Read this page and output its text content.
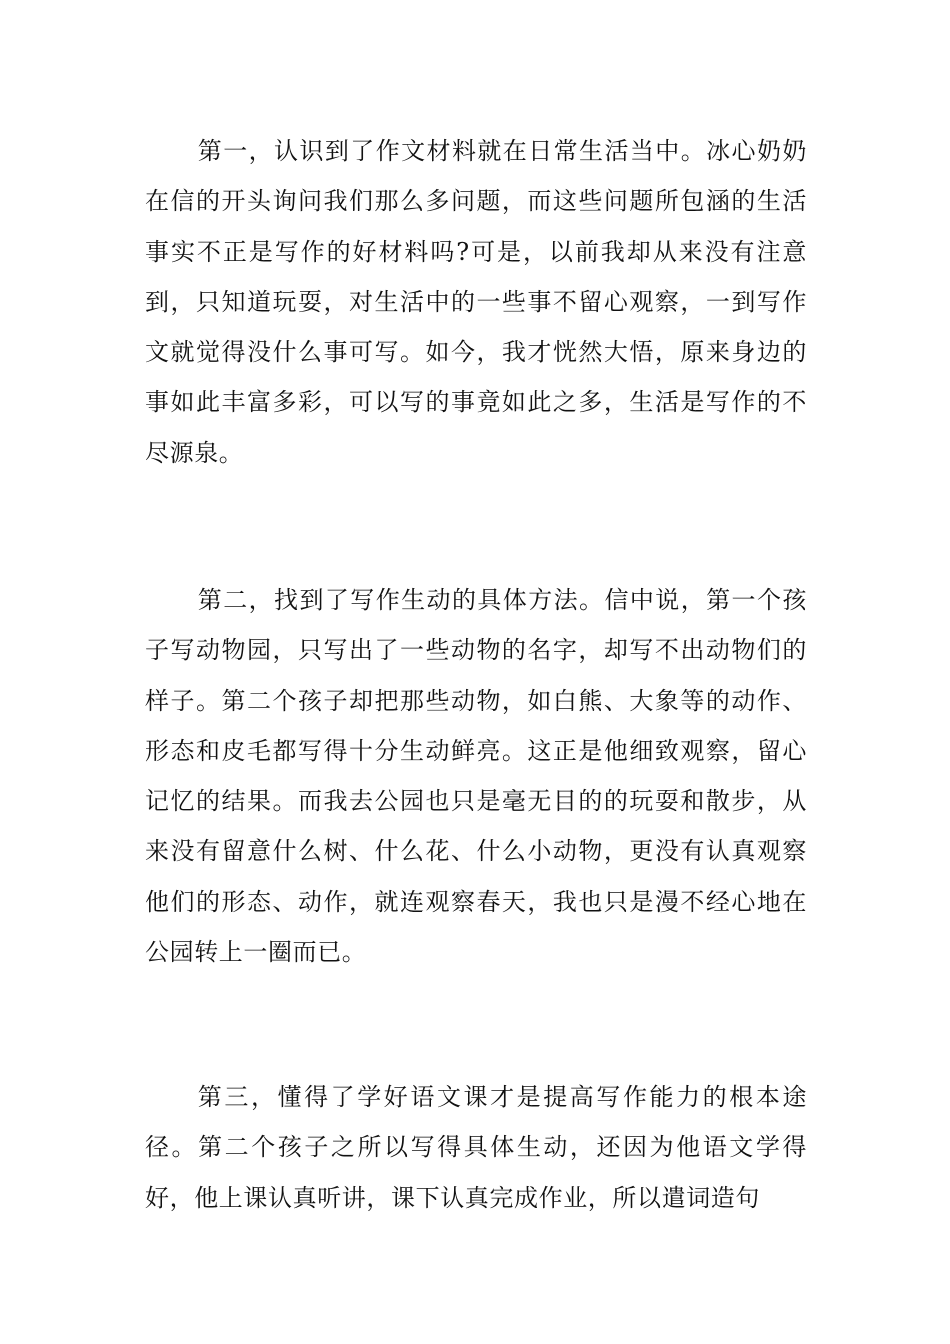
第一，认识到了作文材料就在日常生活当中。冰心奶奶在信的开头询问我们那么多问题，而这些问题所包涵的生活事实不正是写作的好材料吗?可是，以前我却从来没有注意到，只知道玩耍，对生活中的一些事不留心观察，一到写作文就觉得没什么事可写。如今，我才恍然大悟，原来身边的事如此丰富多彩，可以写的事竟如此之多，生活是写作的不尽源泉。

第二，找到了写作生动的具体方法。信中说，第一个孩子写动物园，只写出了一些动物的名字，却写不出动物们的样子。第二个孩子却把那些动物，如白熊、大象等的动作、形态和皮毛都写得十分生动鲜亮。这正是他细致观察，留心记忆的结果。而我去公园也只是毫无目的的玩耍和散步，从来没有留意什么树、什么花、什么小动物，更没有认真观察他们的形态、动作，就连观察春天，我也只是漫不经心地在公园转上一圈而已。

第三，懂得了学好语文课才是提高写作能力的根本途径。第二个孩子之所以写得具体生动，还因为他语文学得好，他上课认真听讲，课下认真完成作业，所以遣词造句
